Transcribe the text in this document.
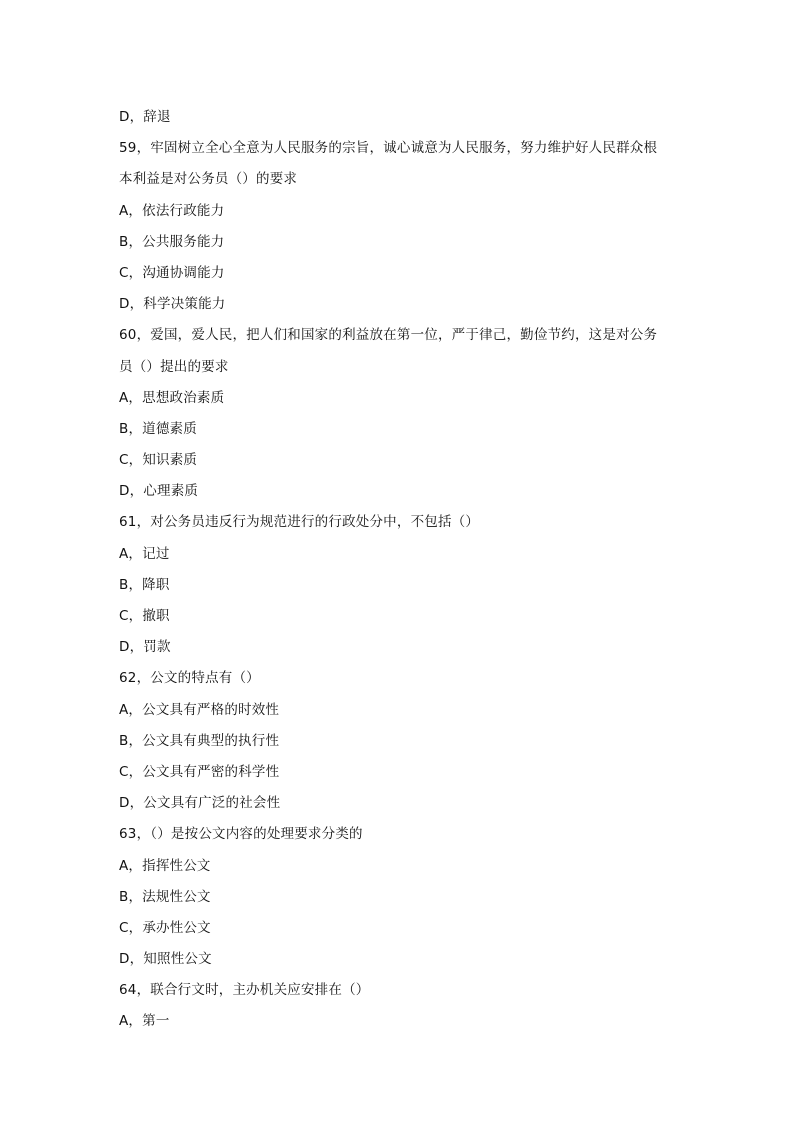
D，辞退
59，牢固树立全心全意为人民服务的宗旨，诚心诚意为人民服务，努力维护好人民群众根
本利益是对公务员（）的要求
A，依法行政能力
B，公共服务能力
C，沟通协调能力
D，科学决策能力
60，爱国，爱人民，把人们和国家的利益放在第一位，严于律己，勤俭节约，这是对公务
员（）提出的要求
A，思想政治素质
B，道德素质
C，知识素质
D，心理素质
61，对公务员违反行为规范进行的行政处分中，不包括（）
A，记过
B，降职
C，撤职
D，罚款
62，公文的特点有（）
A，公文具有严格的时效性
B，公文具有典型的执行性
C，公文具有严密的科学性
D，公文具有广泛的社会性
63，（）是按公文内容的处理要求分类的
A，指挥性公文
B，法规性公文
C，承办性公文
D，知照性公文
64，联合行文时，主办机关应安排在（）
A，第一
